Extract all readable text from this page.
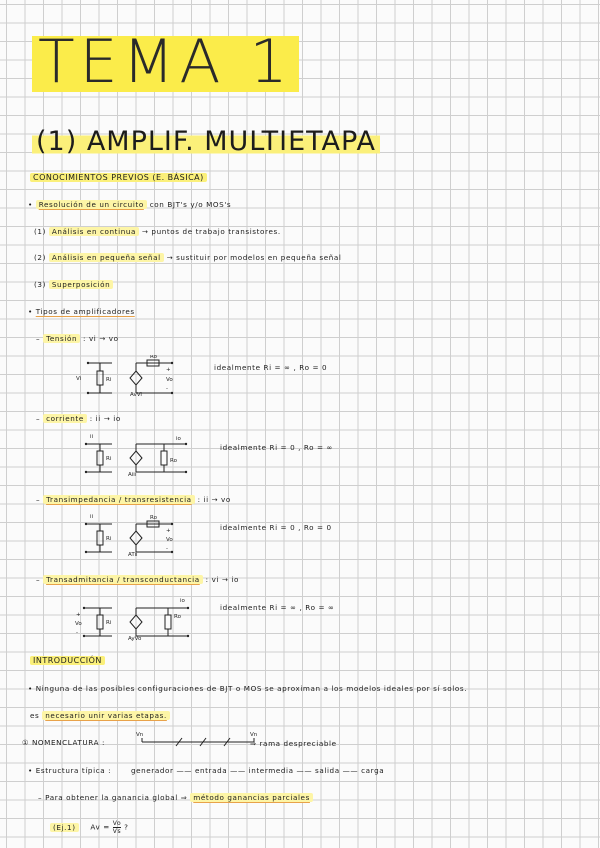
TEMA 1
(1) AMPLIF. MULTIETAPA
CONOCIMIENTOS PREVIOS (E. BÁSICA)
• Resolución de un circuito con BJT's y/o MOS's
(1) Análisis en continua → puntos de trabajo transistores.
(2) Análisis en pequeña señal → sustituir por modelos en pequeña señal
(3) Superposición
• Tipos de amplificadores
– Tensión : vi → vo
Vi	Ri
AvVi
Ro
+
Vo
-
idealmente Ri = ∞ , Ro = 0
– corriente : ii → io
ii
Ri
Aiii
Ro
io
idealmente Ri = 0 , Ro = ∞
– Transimpedancia / transresistencia : ii → vo
ii
Ri
ATii
Ro
+
Vo
-
idealmente Ri = 0 , Ro = 0
– Transadmitancia / transconductancia : vi → io
+
Vo
-
Ri
AyVo
Ro
io
idealmente Ri = ∞ , Ro = ∞
INTRODUCCIÓN
• Ninguna de las posibles configuraciones de BJT o MOS se aproximan a los modelos ideales por sí solos.
es necesario unir varias etapas.
① NOMENCLATURA :
Vn	Vn
⇒ rama despreciable
• Estructura típica :	generador —— entrada —— intermedia —— salida —— carga
– Para obtener la ganancia global ⇒ método ganancias parciales
(Ej.1) $Av = \frac{Vo}{Vs}$ ?
